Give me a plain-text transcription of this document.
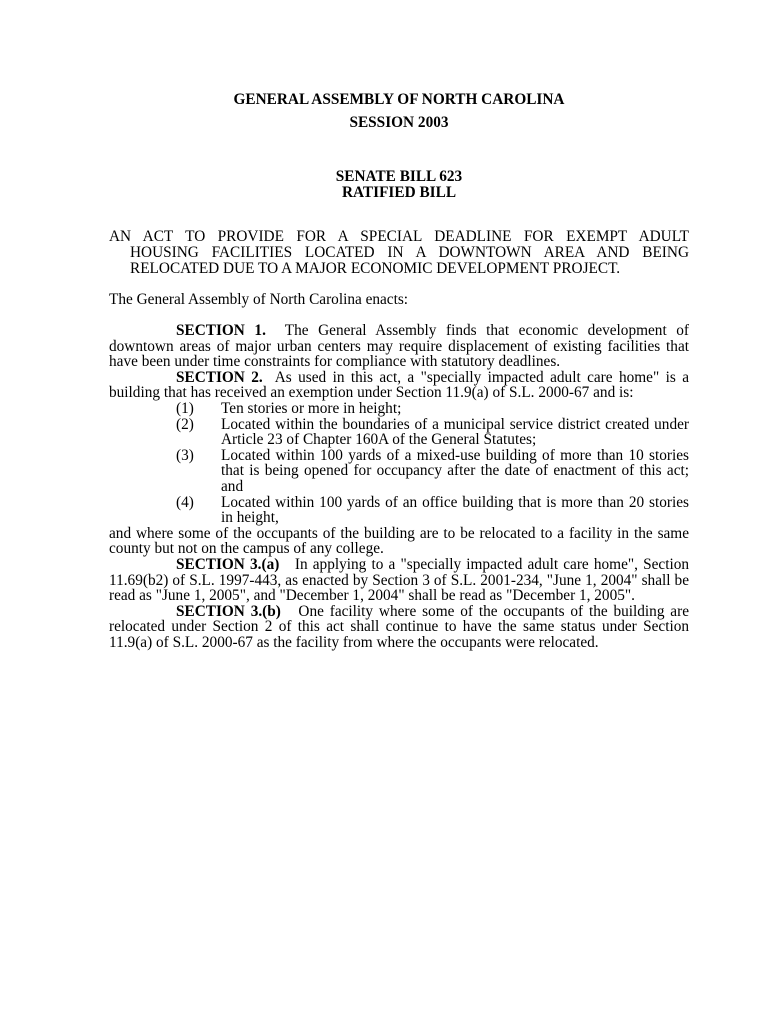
GENERAL ASSEMBLY OF NORTH CAROLINA
SESSION 2003
SENATE BILL 623
RATIFIED BILL
AN ACT TO PROVIDE FOR A SPECIAL DEADLINE FOR EXEMPT ADULT
HOUSING FACILITIES LOCATED IN A DOWNTOWN AREA AND BEING RELOCATED DUE TO A MAJOR ECONOMIC DEVELOPMENT PROJECT.
The General Assembly of North Carolina enacts:

SECTION 1. The General Assembly finds that economic development of downtown areas of major urban centers may require displacement of existing facilities that have been under time constraints for compliance with statutory deadlines.

SECTION 2. As used in this act, a "specially impacted adult care home" is a building that has received an exemption under Section 11.9(a) of S.L. 2000-67 and is:

(1)	Ten stories or more in height;
(2)	Located within the boundaries of a municipal service district created under Article 23 of Chapter 160A of the General Statutes;
(3)	Located within 100 yards of a mixed-use building of more than 10 stories that is being opened for occupancy after the date of enactment of this act; and
(4)	Located within 100 yards of an office building that is more than 20 stories in height,

and where some of the occupants of the building are to be relocated to a facility in the same county but not on the campus of any college.

SECTION 3.(a) In applying to a "specially impacted adult care home", Section 11.69(b2) of S.L. 1997-443, as enacted by Section 3 of S.L. 2001-234, "June 1, 2004" shall be read as "June 1, 2005", and "December 1, 2004" shall be read as "December 1, 2005".

SECTION 3.(b) One facility where some of the occupants of the building are relocated under Section 2 of this act shall continue to have the same status under Section 11.9(a) of S.L. 2000-67 as the facility from where the occupants were relocated.
